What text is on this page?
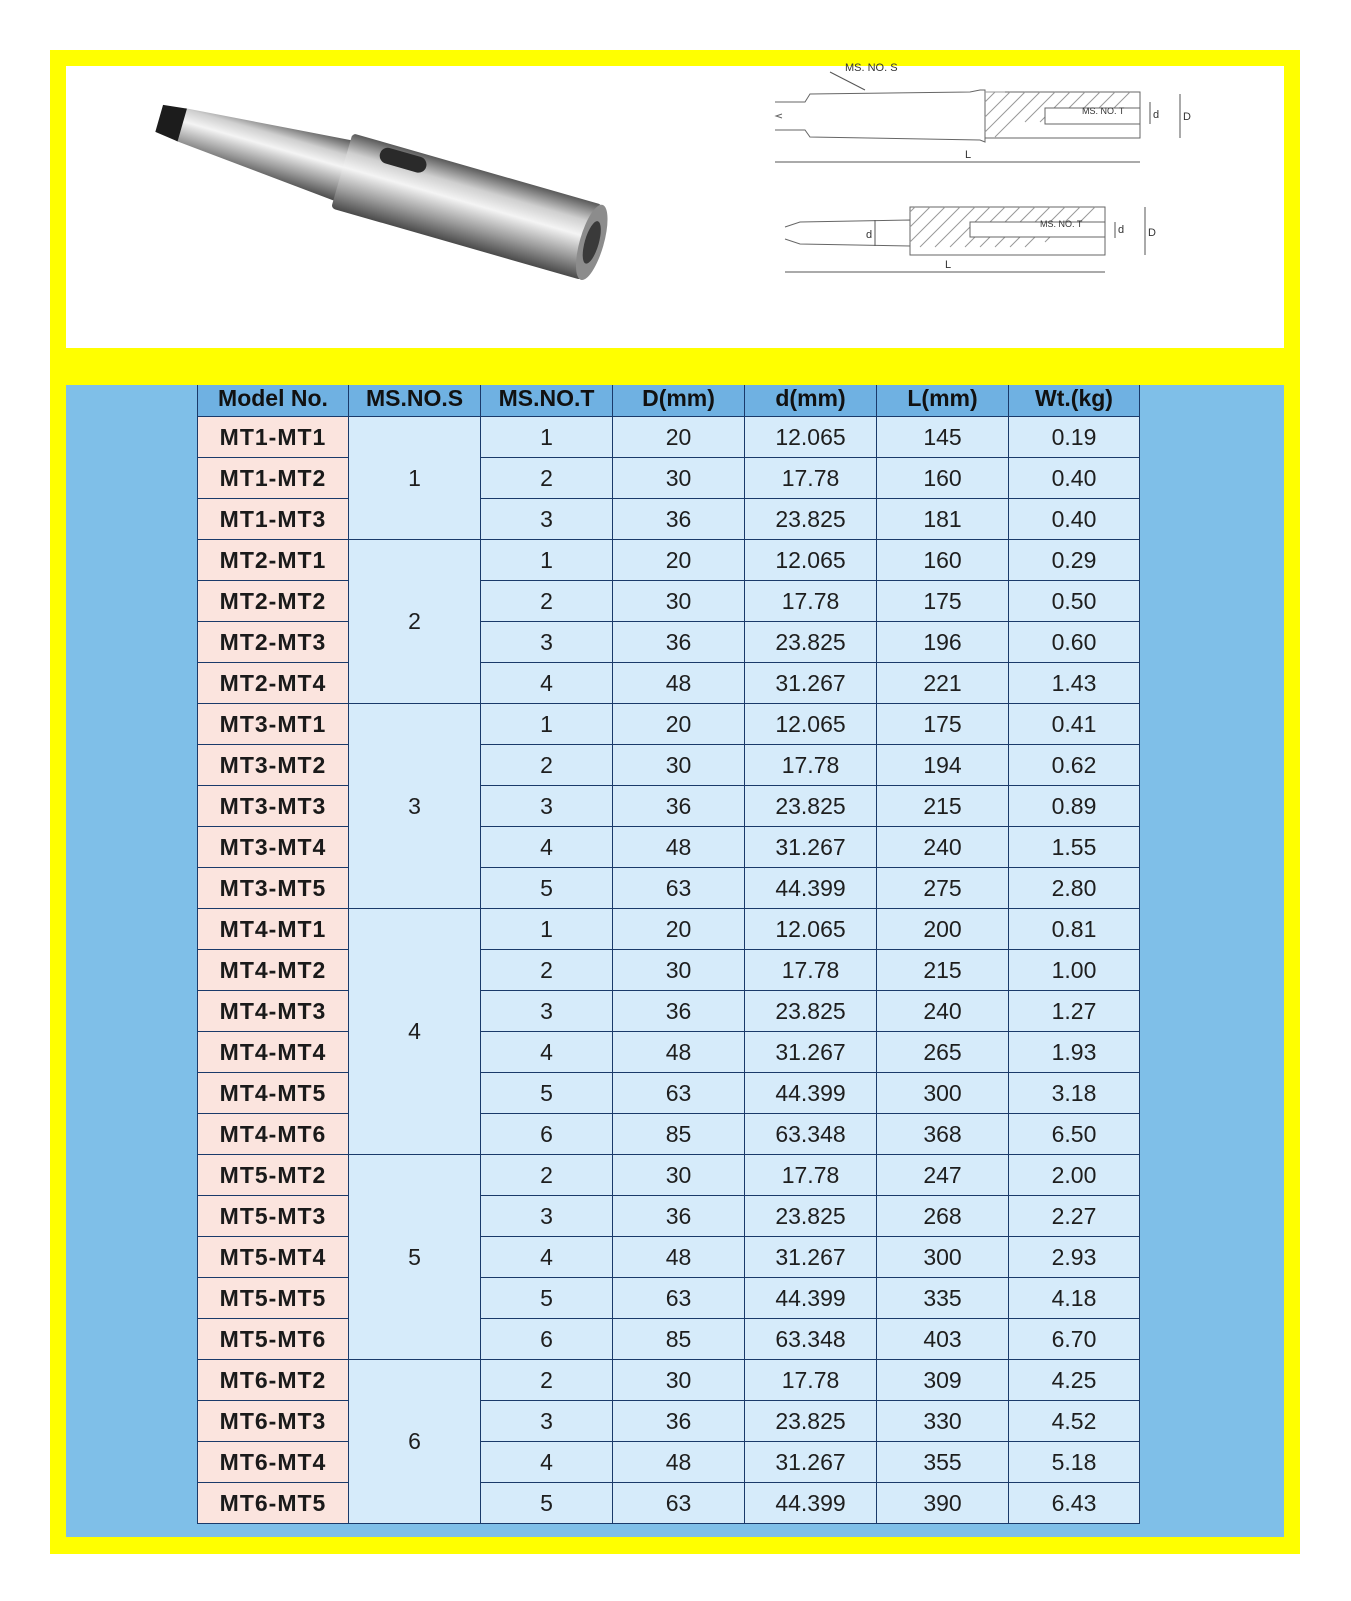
MS. NO. S
MS. NO. T	d D
L
MS. NO. T
d	d D
L
Model No.	MS.NO.S	MS.NO.T	D(mm)	d(mm)	L(mm)	Wt.(kg)
MT1-MT1	1	1	20	12.065	145	0.19
MT1-MT2		2	30	17.78	160	0.40
MT1-MT3		3	36	23.825	181	0.40
MT2-MT1	2	1	20	12.065	160	0.29
MT2-MT2		2	30	17.78	175	0.50
MT2-MT3		3	36	23.825	196	0.60
MT2-MT4		4	48	31.267	221	1.43
MT3-MT1	3	1	20	12.065	175	0.41
MT3-MT2		2	30	17.78	194	0.62
MT3-MT3		3	36	23.825	215	0.89
MT3-MT4		4	48	31.267	240	1.55
MT3-MT5		5	63	44.399	275	2.80
MT4-MT1	4	1	20	12.065	200	0.81
MT4-MT2		2	30	17.78	215	1.00
MT4-MT3		3	36	23.825	240	1.27
MT4-MT4		4	48	31.267	265	1.93
MT4-MT5		5	63	44.399	300	3.18
MT4-MT6		6	85	63.348	368	6.50
MT5-MT2	5	2	30	17.78	247	2.00
MT5-MT3		3	36	23.825	268	2.27
MT5-MT4		4	48	31.267	300	2.93
MT5-MT5		5	63	44.399	335	4.18
MT5-MT6		6	85	63.348	403	6.70
MT6-MT2	6	2	30	17.78	309	4.25
MT6-MT3		3	36	23.825	330	4.52
MT6-MT4		4	48	31.267	355	5.18
MT6-MT5		5	63	44.399	390	6.43
